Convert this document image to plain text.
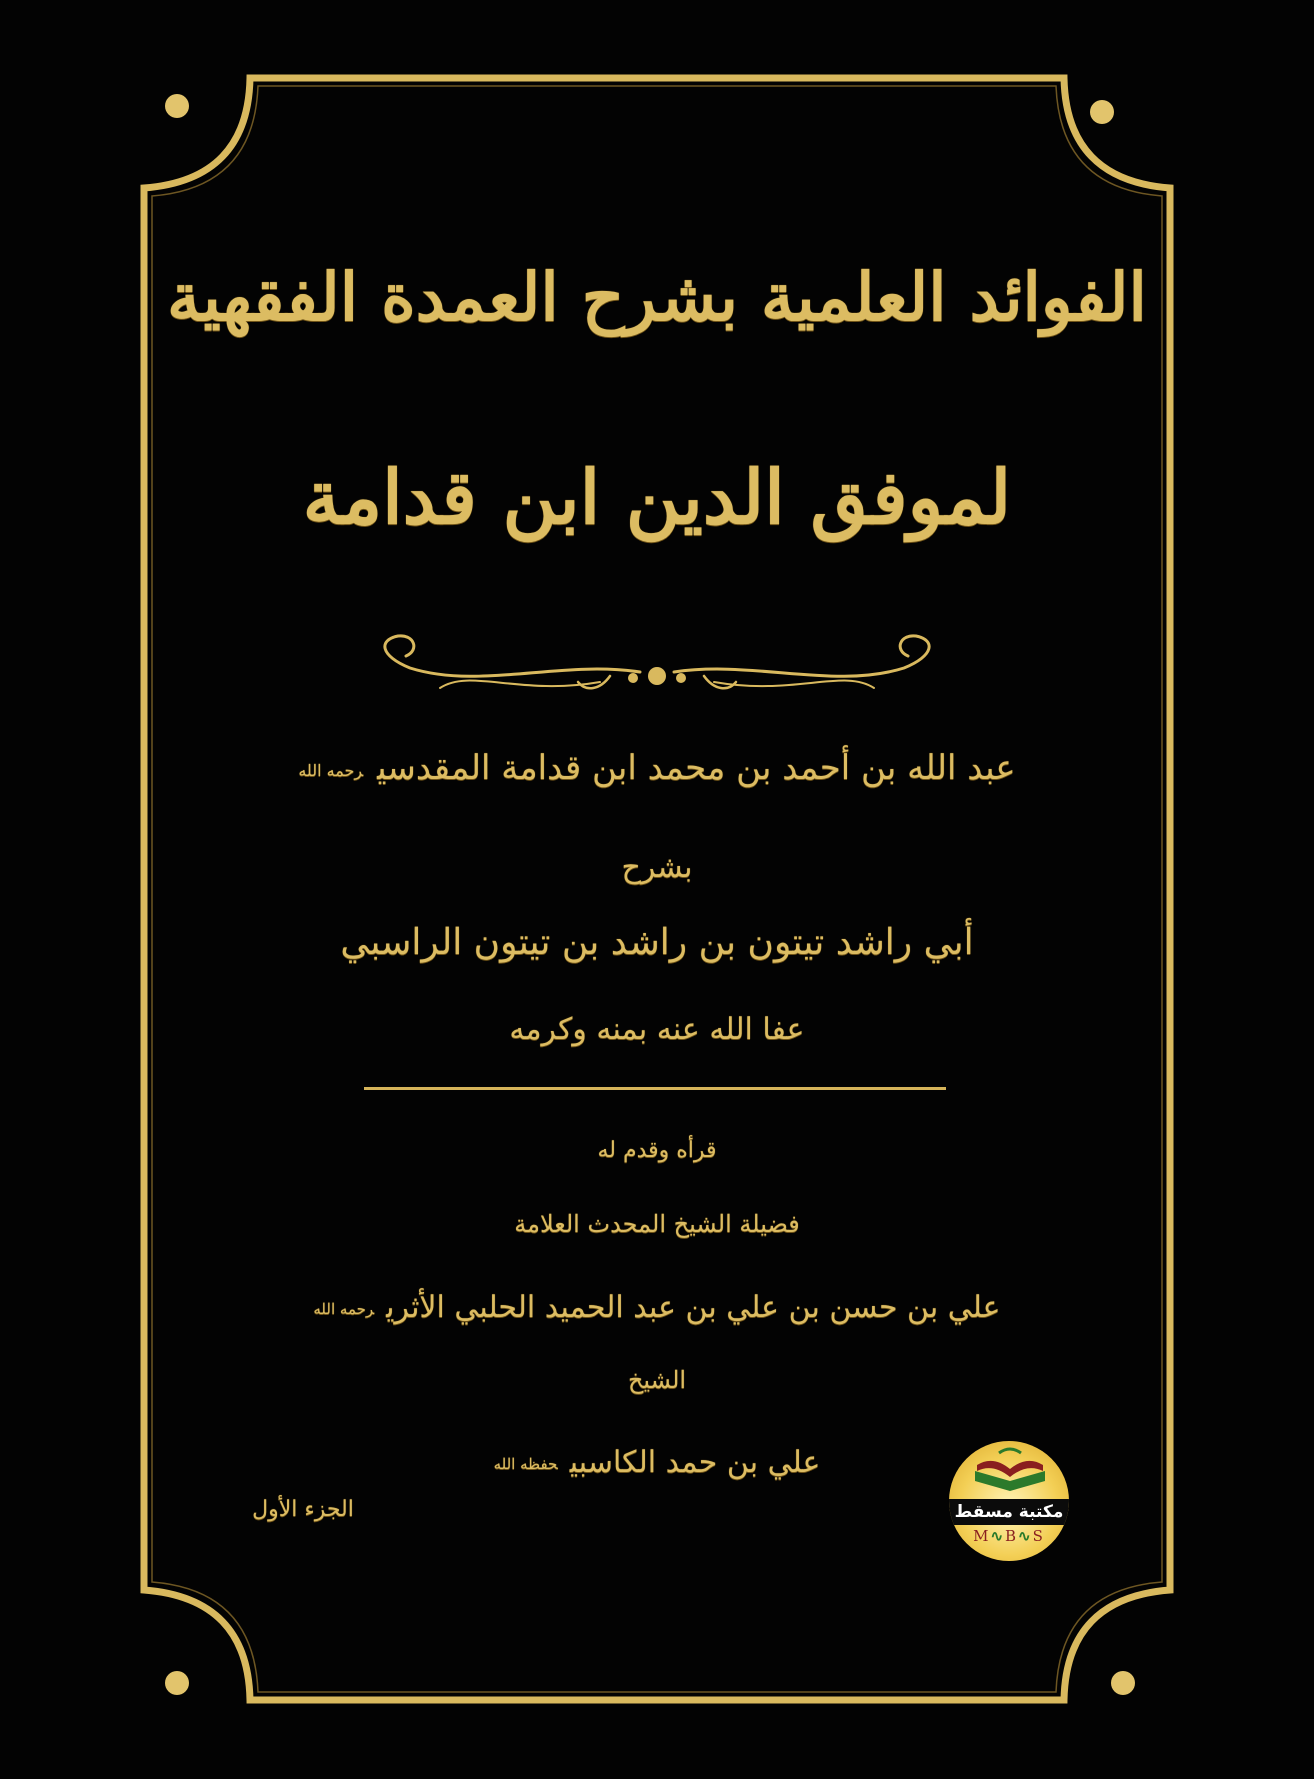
الفوائد العلمية بشرح العمدة الفقهية
لموفق الدين ابن قدامة
عبد الله بن أحمد بن محمد ابن قدامة المقدسيرحمه الله
بشرح
أبي راشد تيتون بن راشد بن تيتون الراسبي
عفا الله عنه بمنه وكرمه
قرأه وقدم له
فضيلة الشيخ المحدث العلامة
علي بن حسن بن علي بن عبد الحميد الحلبي الأثريرحمه الله
الشيخ
علي بن حمد الكاسبيحفظه الله
الجزء الأول	مكتبة مسقط
M∿B∿S
